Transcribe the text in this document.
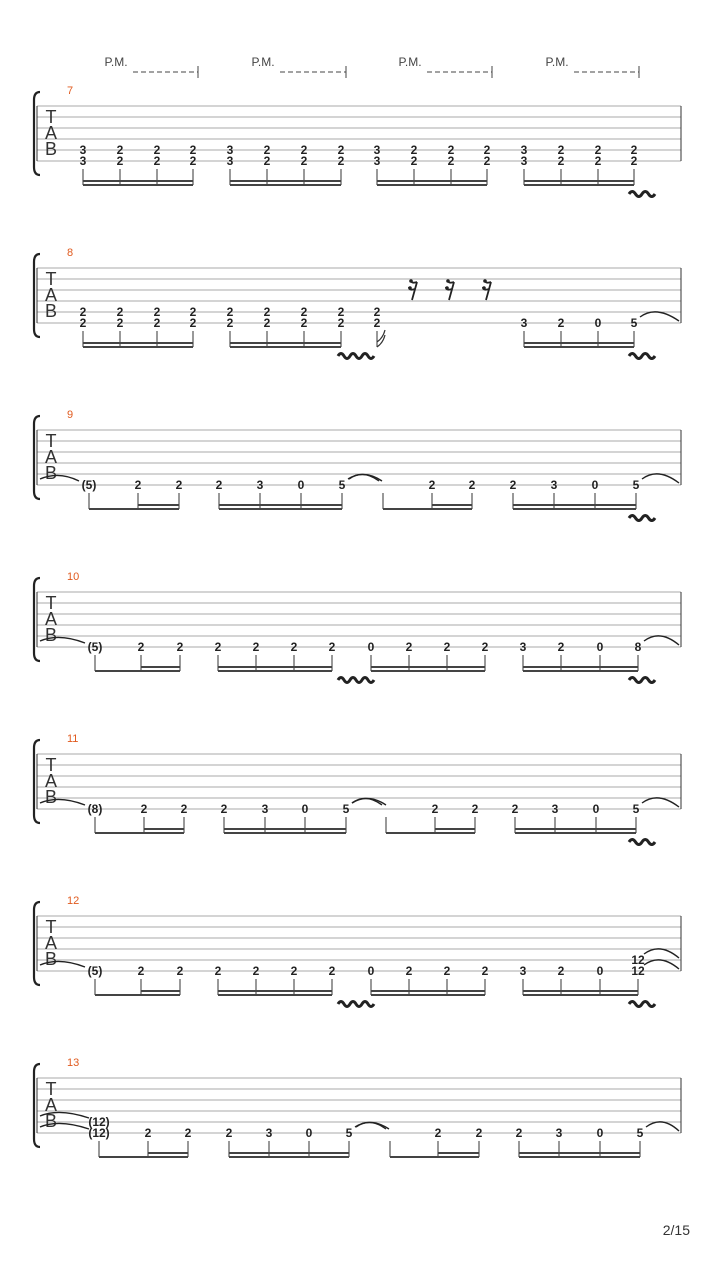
T
A
B
7
P.M.	P.M.	P.M.	P.M.
3
3
2
2
2
2
2
2
3
3
2
2
2
2
2
2
3
3
2
2
2
2
2
2
3
3
2
2
2
2
2
2
T
A
B
8
2
2
2
2
2
2
2
2
2
2
2
2
2
2
2
2
2
2	3	2	0 5
T
A
B
9
(5)	2	2	2	3	0	5	2	2	2	3	0	5
T
A
B
10
(5)	2	2	2	2	2	2	0	2	2	2	3	2	0	8
T
A
B
11
(8)	2	2	2	3	0	5	2	2	2	3	0	5
T
A
B
12
(5)	2	2	2	2	2	2	0	2	2	2	3	2	0
12
12
T
A
B
13
(12)
(12)	2	2	2	3	0	5	2	2	2	3	0	5
2/15
